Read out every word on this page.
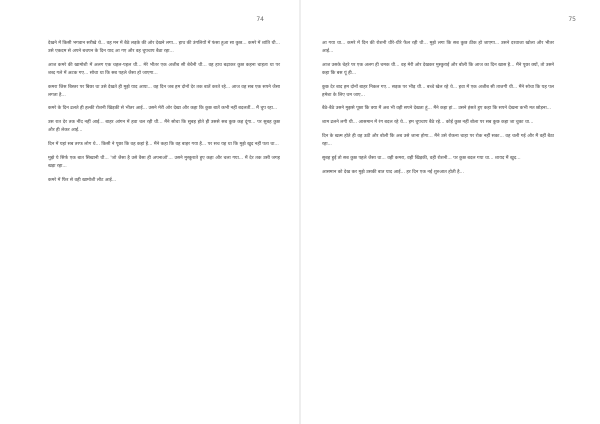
74

देखने में किसी भगवान सरीखे थे... वह मन में बैठे लड़के की ओर देखने लगा... हाथ की उंगलियों में फंसा हुआ सा कुछ... कमरे में शांति थी... उसे एकदम से अपने बचपन के दिन याद आ गए और वह चुपचाप बैठा रहा...

आज कमरे की खामोशी में अलग एक चहल-पहल थी... मेरे भीतर एक अजीब सी बेचैनी थी... वह हाथ बढ़ाकर कुछ कहना चाहता था पर शब्द गले में अटक गए... सोचा था कि सब पहले जैसा हो जाएगा...

कमरा जिस बिस्तर पर बिछा था उसे देखते ही मुझे याद आया... वह दिन जब हम दोनों देर तक बातें करते रहे... आज वह सब एक सपने जैसा लगता है...

कमरे के दिन ढलते ही हल्की रोशनी खिड़की से भीतर आई... उसने मेरी ओर देखा और कहा कि कुछ बातें कभी नहीं बदलतीं... मैं चुप रहा...

उस रात देर तक नींद नहीं आई... बाहर आंगन में हवा चल रही थी... मैंने सोचा कि सुबह होते ही उससे सब कुछ कह दूंगा... पर सुबह कुछ और ही लेकर आई...

दिन में यहां सब तरफ लोग थे... किसी ने पूछा कि वह कहां है... मैंने कहा कि वह बाहर गया है... पर सच यह था कि मुझे खुद नहीं पता था...

मुझे ये सिर्फ एक बात सिखानी थी... 'जो जैसा है उसे वैसा ही अपनाओ'... उसने मुस्कुराते हुए कहा और चला गया... मैं देर तक उसी जगह खड़ा रहा...

कमरे में फिर से वही खामोशी लौट आई...

75

आ गया था... कमरे में दिन की रोशनी धीरे-धीरे फैल रही थी... मुझे लगा कि सब कुछ ठीक हो जाएगा... उसने दरवाजा खोला और भीतर आई...

आज उसके चेहरे पर एक अलग ही चमक थी... वह मेरी ओर देखकर मुस्कुराई और बोली कि आज का दिन खास है... मैंने पूछा क्यों, तो उसने कहा कि बस यूं ही...

कुछ देर बाद हम दोनों बाहर निकल गए... सड़क पर भीड़ थी... बच्चे खेल रहे थे... हवा में एक अजीब सी ताजगी थी... मैंने सोचा कि यह पल हमेशा के लिए थम जाए...

बैठे-बैठे उसने मुझसे पूछा कि क्या मैं अब भी वही सपने देखता हूं... मैंने कहा हां... उसने हंसते हुए कहा कि सपने देखना कभी मत छोड़ना...

शाम ढलने लगी थी... आसमान में रंग बदल रहे थे... हम चुपचाप बैठे रहे... कोई कुछ नहीं बोला पर सब कुछ कहा जा चुका था...

दिन के खत्म होते ही वह उठी और बोली कि अब उसे जाना होगा... मैंने उसे रोकना चाहा पर रोक नहीं सका... वह चली गई और मैं वहीं बैठा रहा...

सुबह हुई तो सब कुछ पहले जैसा था... वही कमरा, वही खिड़की, वही रोशनी... पर कुछ बदल गया था... शायद मैं खुद...

आसमान को देख कर मुझे उसकी बात याद आई... हर दिन एक नई शुरुआत होती है...
